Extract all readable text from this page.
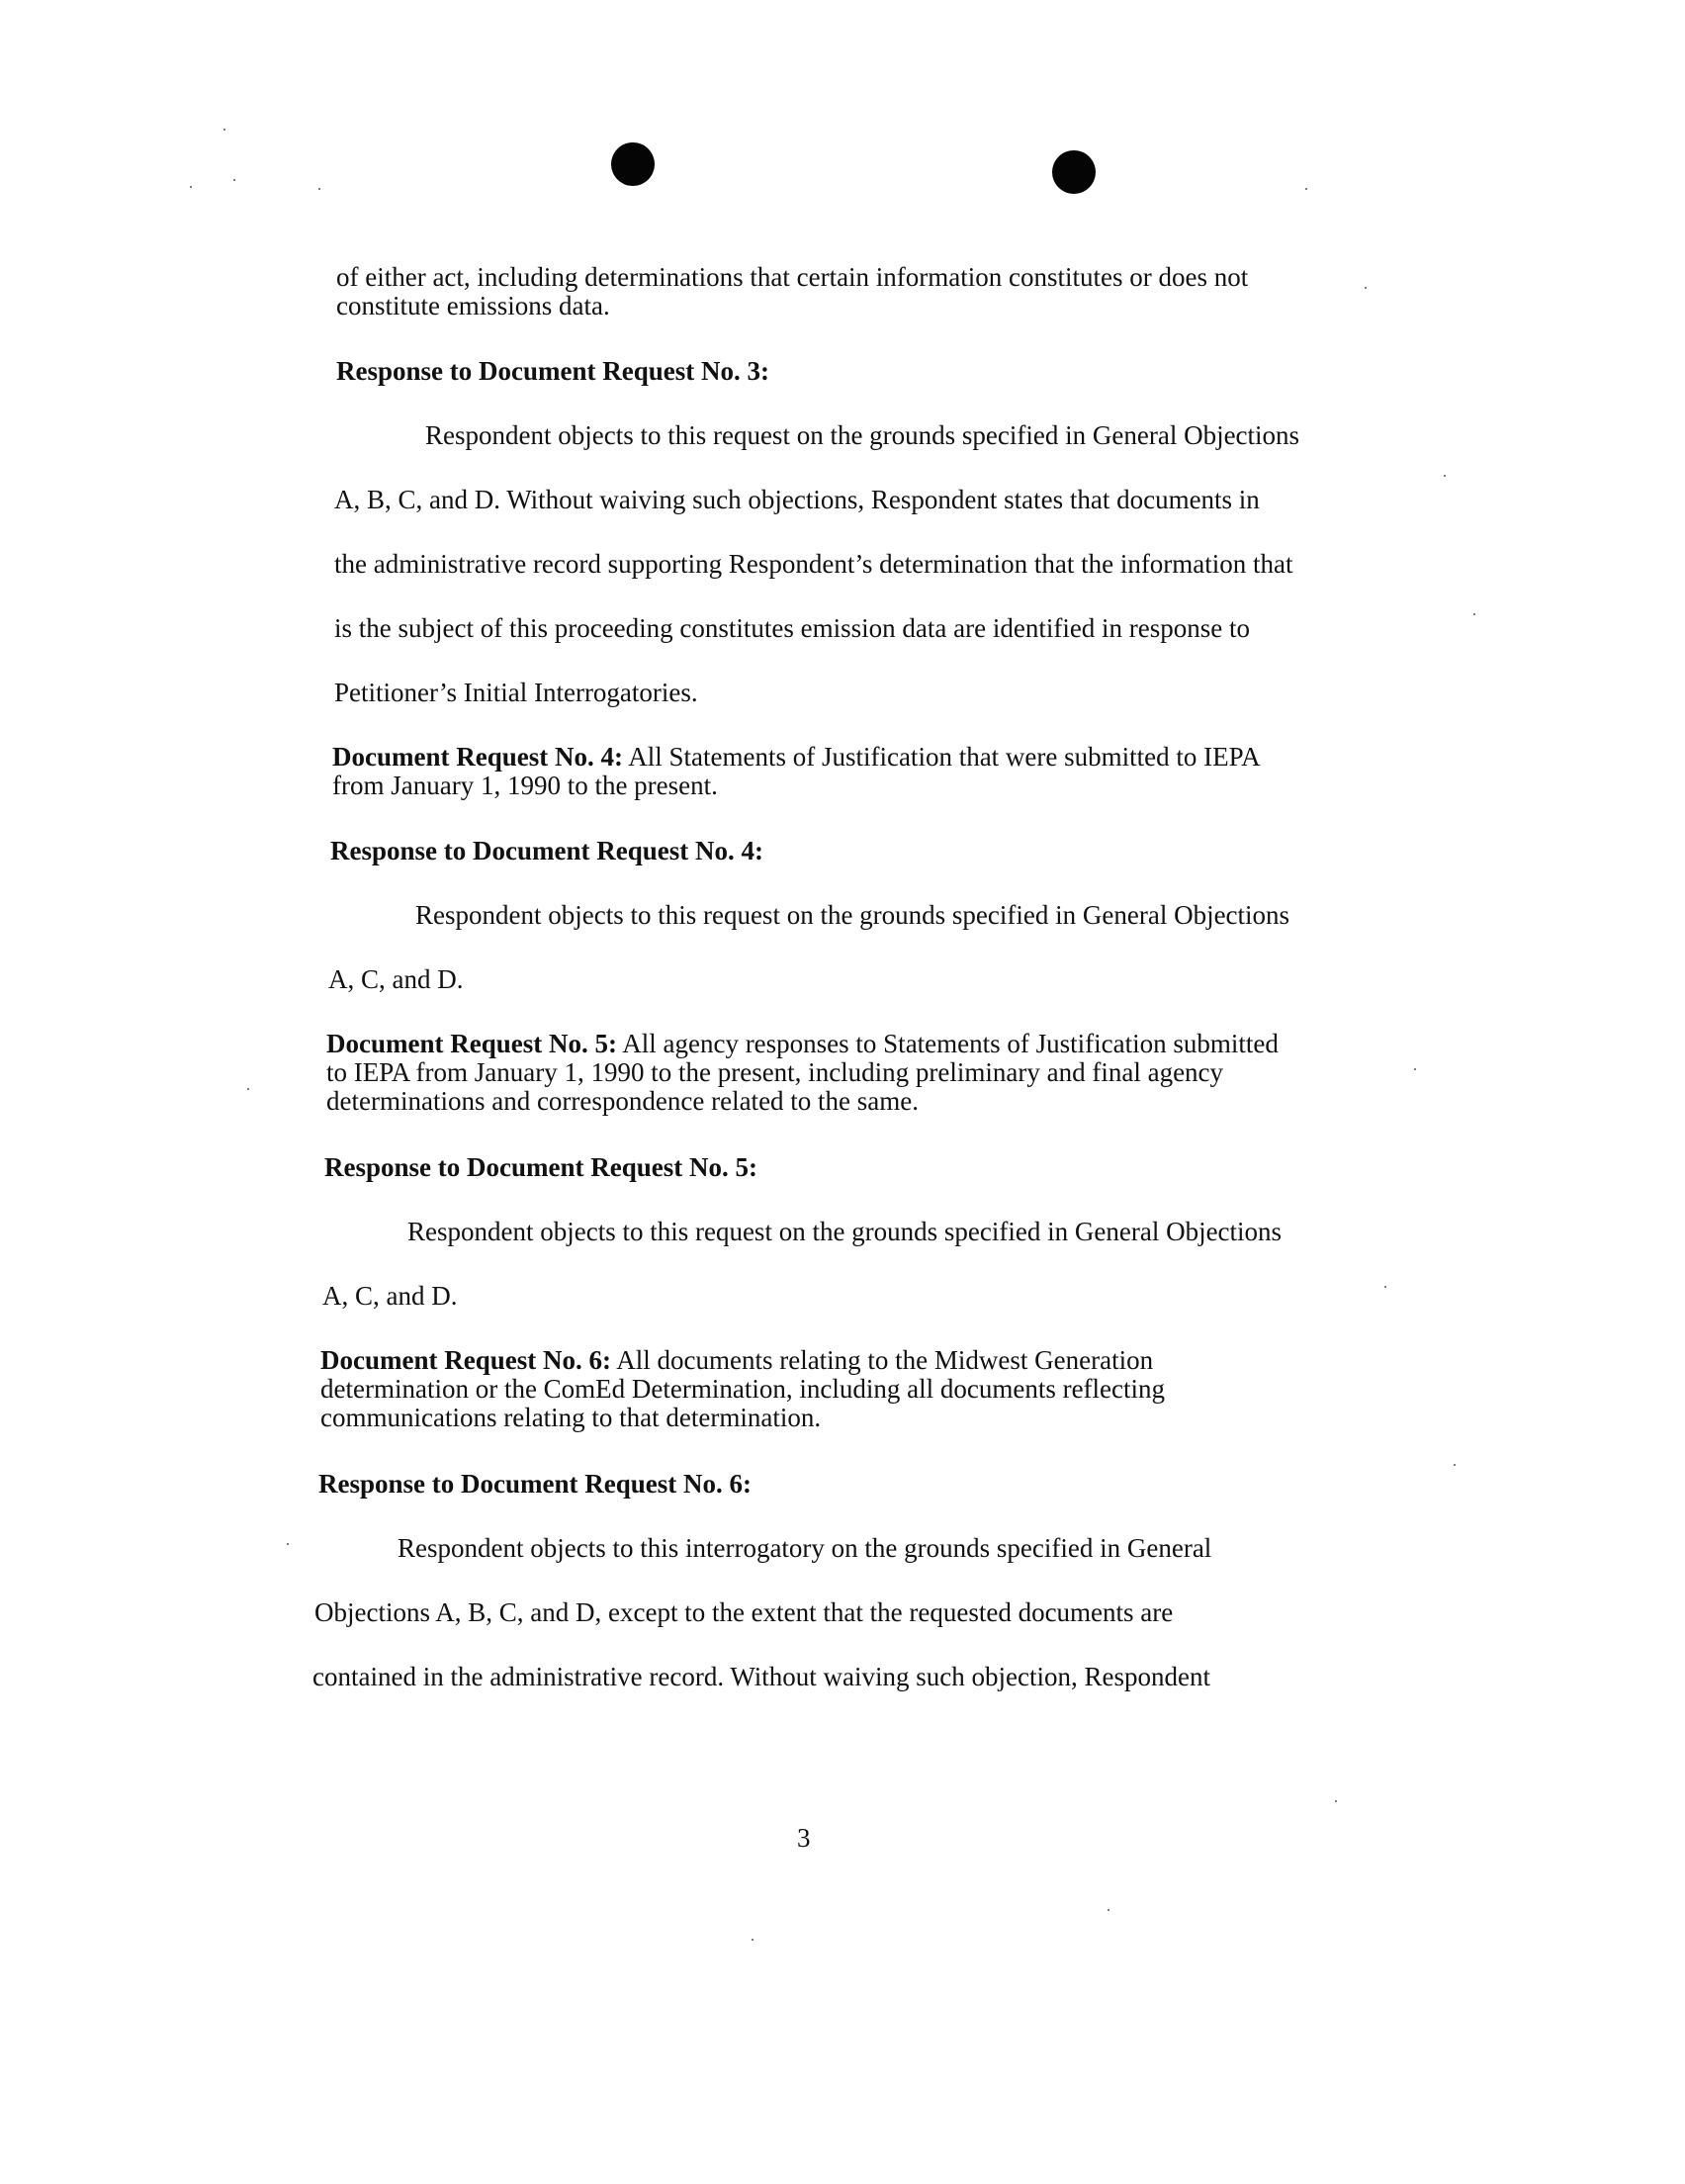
of either act, including determinations that certain information constitutes or does not
constitute emissions data.
Response to Document Request No. 3:
Respondent objects to this request on the grounds specified in General Objections
A, B, C, and D. Without waiving such objections, Respondent states that documents in
the administrative record supporting Respondent’s determination that the information that
is the subject of this proceeding constitutes emission data are identified in response to
Petitioner’s Initial Interrogatories.
Document Request No. 4: All Statements of Justification that were submitted to IEPA
from January 1, 1990 to the present.
Response to Document Request No. 4:
Respondent objects to this request on the grounds specified in General Objections
A, C, and D.
Document Request No. 5: All agency responses to Statements of Justification submitted
to IEPA from January 1, 1990 to the present, including preliminary and final agency
determinations and correspondence related to the same.
Response to Document Request No. 5:
Respondent objects to this request on the grounds specified in General Objections
A, C, and D.
Document Request No. 6: All documents relating to the Midwest Generation
determination or the ComEd Determination, including all documents reflecting
communications relating to that determination.
Response to Document Request No. 6:
Respondent objects to this interrogatory on the grounds specified in General
Objections A, B, C, and D, except to the extent that the requested documents are
contained in the administrative record. Without waiving such objection, Respondent
3
